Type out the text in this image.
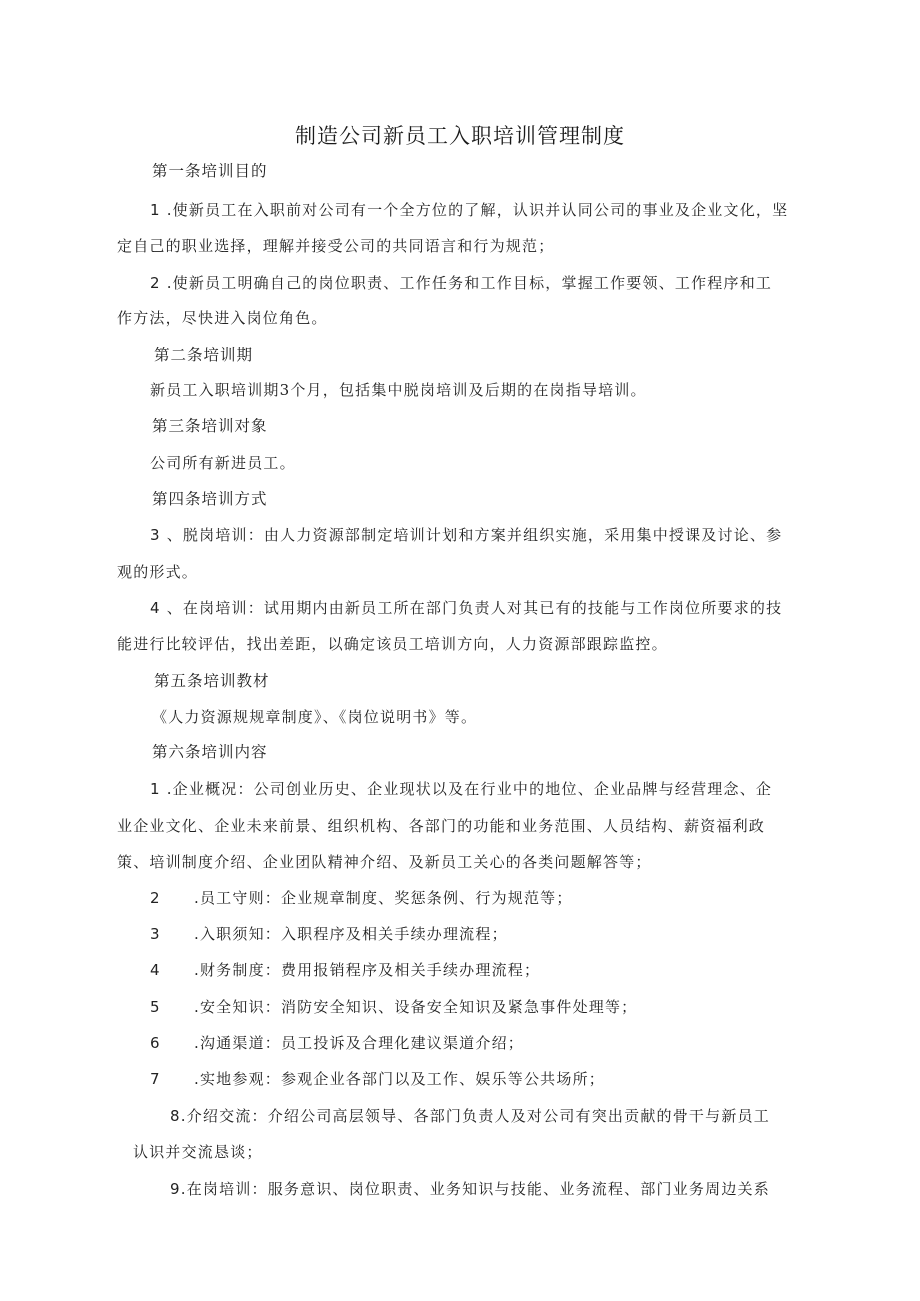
制造公司新员工入职培训管理制度
第一条培训目的
1 .使新员工在入职前对公司有一个全方位的了解，认识并认同公司的事业及企业文化，坚
定自己的职业选择，理解并接受公司的共同语言和行为规范；
2 .使新员工明确自己的岗位职责、工作任务和工作目标，掌握工作要领、工作程序和工
作方法，尽快进入岗位角色。
第二条培训期
新员工入职培训期3个月，包括集中脱岗培训及后期的在岗指导培训。
第三条培训对象
公司所有新进员工。
第四条培训方式
3 、脱岗培训：由人力资源部制定培训计划和方案并组织实施，采用集中授课及讨论、参
观的形式。
4 、在岗培训：试用期内由新员工所在部门负责人对其已有的技能与工作岗位所要求的技
能进行比较评估，找出差距，以确定该员工培训方向，人力资源部跟踪监控。
第五条培训教材
《人力资源规规章制度》、《岗位说明书》等。
第六条培训内容
1 .企业概况：公司创业历史、企业现状以及在行业中的地位、企业品牌与经营理念、企
业企业文化、企业未来前景、组织机构、各部门的功能和业务范围、人员结构、薪资福利政
策、培训制度介绍、企业团队精神介绍、及新员工关心的各类问题解答等；
2 .员工守则：企业规章制度、奖惩条例、行为规范等；
3 .入职须知：入职程序及相关手续办理流程；
4 .财务制度：费用报销程序及相关手续办理流程；
5 .安全知识：消防安全知识、设备安全知识及紧急事件处理等；
6 .沟通渠道：员工投诉及合理化建议渠道介绍；
7 .实地参观：参观企业各部门以及工作、娱乐等公共场所；
8.介绍交流：介绍公司高层领导、各部门负责人及对公司有突出贡献的骨干与新员工
认识并交流恳谈；
9.在岗培训：服务意识、岗位职责、业务知识与技能、业务流程、部门业务周边关系
